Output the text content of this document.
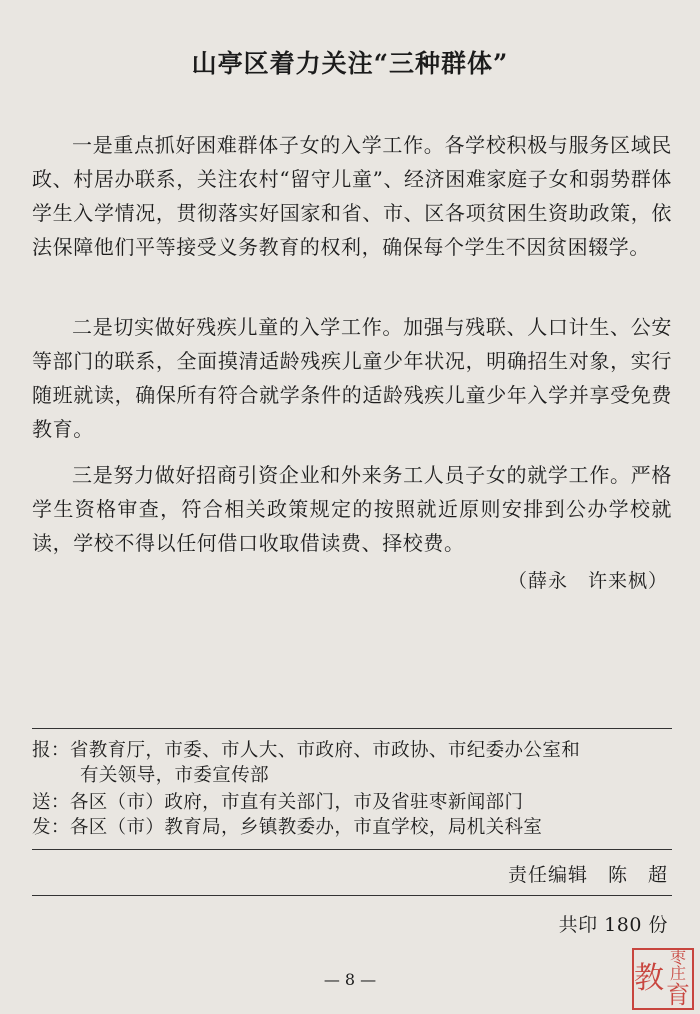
山亭区着力关注“三种群体”

一是重点抓好困难群体子女的入学工作。各学校积极与服务区域民政、村居办联系，关注农村“留守儿童”、经济困难家庭子女和弱势群体学生入学情况，贯彻落实好国家和省、市、区各项贫困生资助政策，依法保障他们平等接受义务教育的权利，确保每个学生不因贫困辍学。

二是切实做好残疾儿童的入学工作。加强与残联、人口计生、公安等部门的联系，全面摸清适龄残疾儿童少年状况，明确招生对象，实行随班就读，确保所有符合就学条件的适龄残疾儿童少年入学并享受免费教育。

三是努力做好招商引资企业和外来务工人员子女的就学工作。严格学生资格审查，符合相关政策规定的按照就近原则安排到公办学校就读，学校不得以任何借口收取借读费、择校费。

（薛永　许来枫）
报：省教育厅，市委、市人大、市政府、市政协、市纪委办公室和
有关领导，市委宣传部
送：各区（市）政府，市直有关部门，市及省驻枣新闻部门
发：各区（市）教育局，乡镇教委办，市直学校，局机关科室
责任编辑　陈　超
共印 180 份
— 8 —	教
枣
庄
育
